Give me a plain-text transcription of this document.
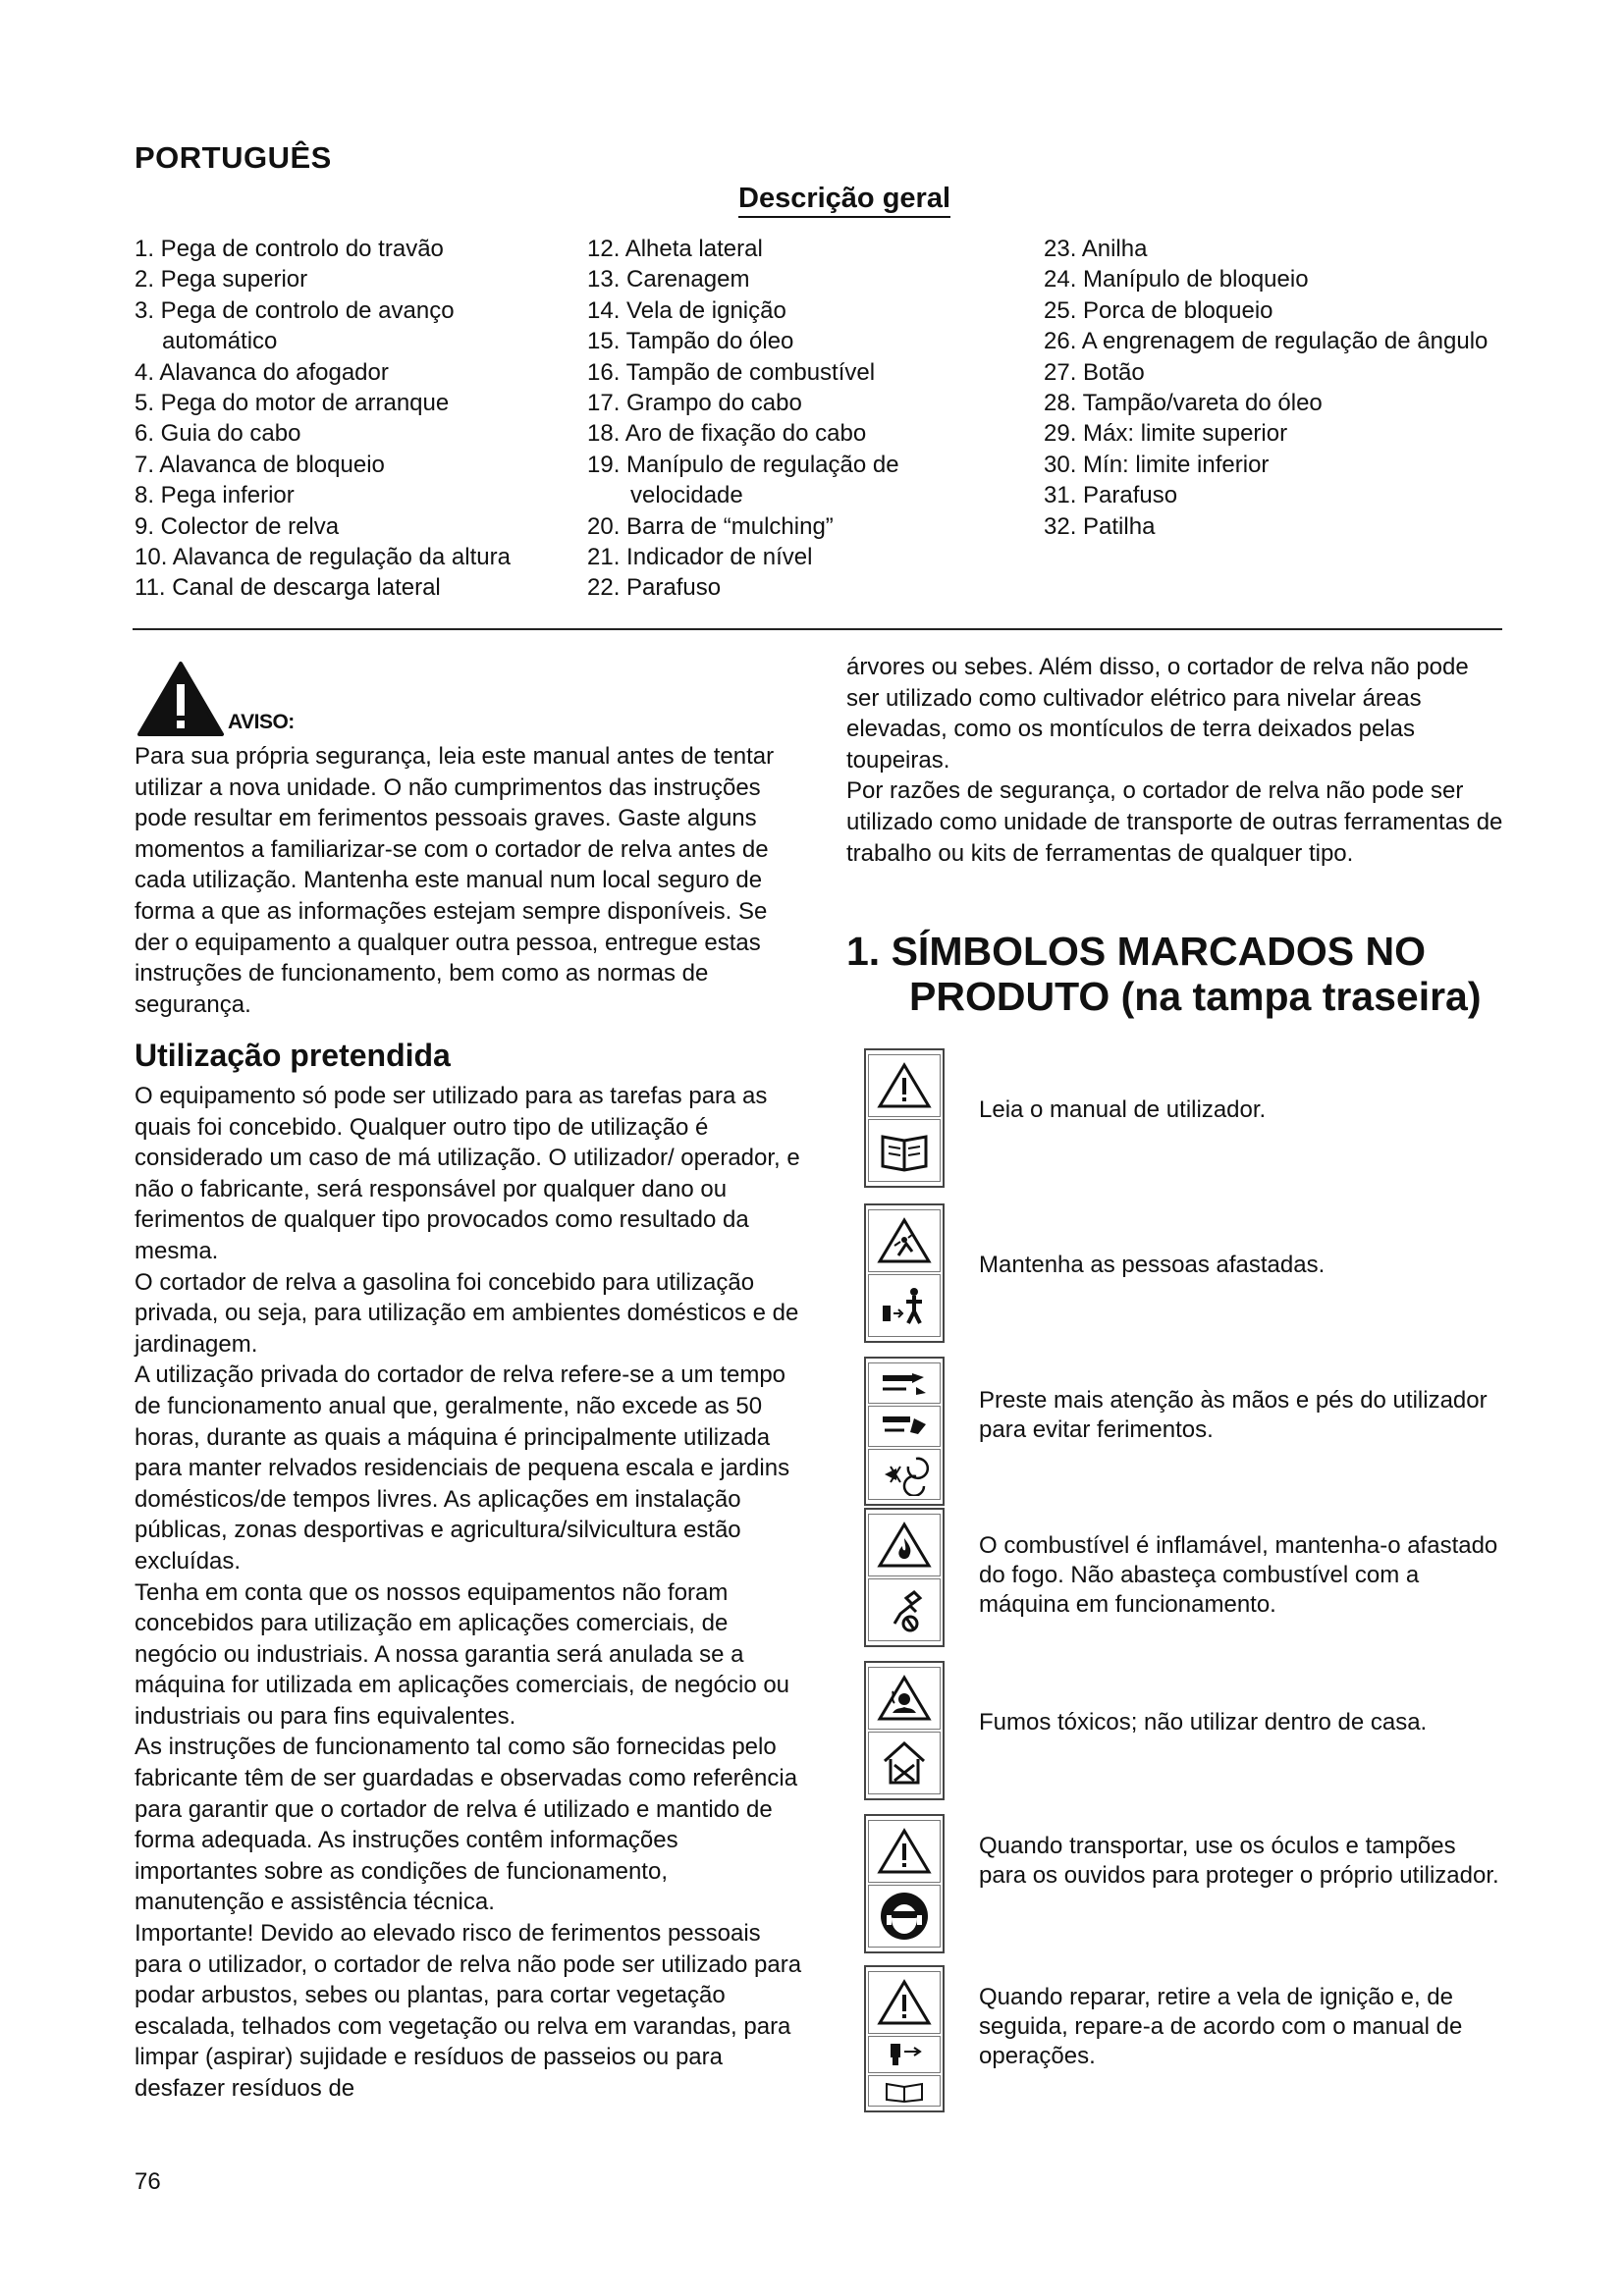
PORTUGUÊS
Descrição geral
1. Pega de controlo do travão
2. Pega superior
3. Pega de controlo de avanço automático
4. Alavanca do afogador
5. Pega do motor de arranque
6. Guia do cabo
7. Alavanca de bloqueio
8. Pega inferior
9. Colector de relva
10. Alavanca de regulação da altura
11. Canal de descarga lateral
12. Alheta lateral
13. Carenagem
14. Vela de ignição
15. Tampão do óleo
16. Tampão de combustível
17. Grampo do cabo
18. Aro de fixação do cabo
19. Manípulo de regulação de velocidade
20. Barra de “mulching”
21. Indicador de nível
22. Parafuso
23. Anilha
24. Manípulo de bloqueio
25. Porca de bloqueio
26. A engrenagem de regulação de ângulo
27. Botão
28. Tampão/vareta do óleo
29. Máx: limite superior
30. Mín: limite inferior
31. Parafuso
32. Patilha
AVISO:

Para sua própria segurança, leia este manual antes de tentar utilizar a nova unidade. O não cumprimentos das instruções pode resultar em ferimentos pessoais graves. Gaste alguns momentos a familiarizar-se com o cortador de relva antes de cada utilização. Mantenha este manual num local seguro de forma a que as informações estejam sempre disponíveis. Se der o equipamento a qualquer outra pessoa, entregue estas instruções de funcionamento, bem como as normas de segurança.

Utilização pretendida

O equipamento só pode ser utilizado para as tarefas para as quais foi concebido. Qualquer outro tipo de utilização é considerado um caso de má utilização. O utilizador/ operador, e não o fabricante, será responsável por qualquer dano ou ferimentos de qualquer tipo provocados como resultado da mesma.
O cortador de relva a gasolina foi concebido para utilização privada, ou seja, para utilização em ambientes domésticos e de jardinagem.
A utilização privada do cortador de relva refere-se a um tempo de funcionamento anual que, geralmente, não excede as 50 horas, durante as quais a máquina é principalmente utilizada para manter relvados residenciais de pequena escala e jardins domésticos/de tempos livres. As aplicações em instalação públicas, zonas desportivas e agricultura/silvicultura estão excluídas.
Tenha em conta que os nossos equipamentos não foram concebidos para utilização em aplicações comerciais, de negócio ou industriais. A nossa garantia será anulada se a máquina for utilizada em aplicações comerciais, de negócio ou industriais ou para fins equivalentes.
As instruções de funcionamento tal como são fornecidas pelo fabricante têm de ser guardadas e observadas como referência para garantir que o cortador de relva é utilizado e mantido de forma adequada. As instruções contêm informações importantes sobre as condições de funcionamento, manutenção e assistência técnica.
Importante! Devido ao elevado risco de ferimentos pessoais para o utilizador, o cortador de relva não pode ser utilizado para podar arbustos, sebes ou plantas, para cortar vegetação escalada, telhados com vegetação ou relva em varandas, para limpar (aspirar) sujidade e resíduos de passeios ou para desfazer resíduos de

árvores ou sebes. Além disso, o cortador de relva não pode ser utilizado como cultivador elétrico para nivelar áreas elevadas, como os montículos de terra deixados pelas toupeiras.
Por razões de segurança, o cortador de relva não pode ser utilizado como unidade de transporte de outras ferramentas de trabalho ou kits de ferramentas de qualquer tipo.

1. SÍMBOLOS MARCADOS NO
PRODUTO (na tampa traseira)

Leia o manual de utilizador.

Mantenha as pessoas afastadas.

Preste mais atenção às mãos e pés do utilizador para evitar ferimentos.

O combustível é inflamável, mantenha-o afastado do fogo. Não abasteça combustível com a máquina em funcionamento.

Fumos tóxicos; não utilizar dentro de casa.

Quando transportar, use os óculos e tampões para os ouvidos para proteger o próprio utilizador.

Quando reparar, retire a vela de ignição e, de seguida, repare-a de acordo com o manual de operações.

76
